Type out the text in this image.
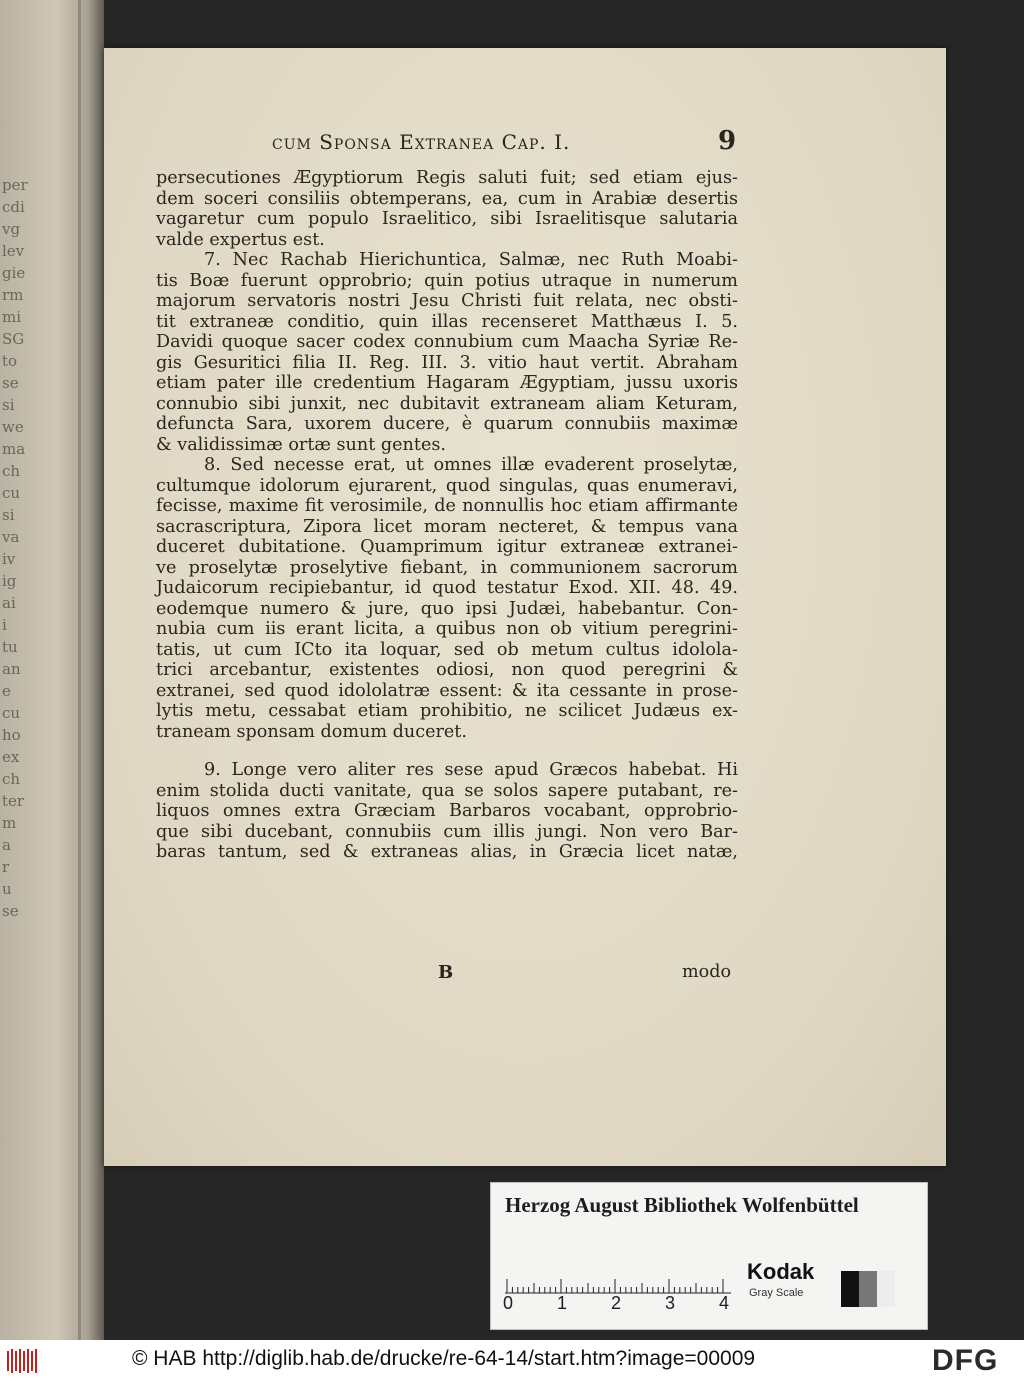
per
cdi
vg
lev
gie
rm
mi
SG
to
se
si
we
ma
ch
cu
si
va
iv
ig
ai
i
tu
an
e
cu
ho
ex
ch
ter
m
a
r
u
se
cum Sponsa Extranea Cap. I.	9
persecutiones Ægyptiorum Regis saluti fuit; sed etiam ejus-
dem soceri consiliis obtemperans, ea, cum in Arabiæ desertis
vagaretur cum populo Israelitico, sibi Israelitisque salutaria
valde expertus est.
7. Nec Rachab Hierichuntica, Salmæ, nec Ruth Moabi-
tis Boæ fuerunt opprobrio; quin potius utraque in numerum
majorum servatoris nostri Jesu Christi fuit relata, nec obsti-
tit extraneæ conditio, quin illas recenseret Matthæus I. 5.
Davidi quoque sacer codex connubium cum Maacha Syriæ Re-
gis Gesuritici filia II. Reg. III. 3. vitio haut vertit. Abraham
etiam pater ille credentium Hagaram Ægyptiam, jussu uxoris
connubio sibi junxit, nec dubitavit extraneam aliam Keturam,
defuncta Sara, uxorem ducere, è quarum connubiis maximæ
& validissimæ ortæ sunt gentes.
8. Sed necesse erat, ut omnes illæ evaderent proselytæ,
cultumque idolorum ejurarent, quod singulas, quas enumeravi,
fecisse, maxime fit verosimile, de nonnullis hoc etiam affirmante
sacrascriptura, Zipora licet moram necteret, & tempus vana
duceret dubitatione. Quamprimum igitur extraneæ extranei-
ve proselytæ proselytive fiebant, in communionem sacrorum
Judaicorum recipiebantur, id quod testatur Exod. XII. 48. 49.
eodemque numero & jure, quo ipsi Judæi, habebantur. Con-
nubia cum iis erant licita, a quibus non ob vitium peregrini-
tatis, ut cum ICto ita loquar, sed ob metum cultus idolola-
trici arcebantur, existentes odiosi, non quod peregrini &
extranei, sed quod idololatræ essent: & ita cessante in prose-
lytis metu, cessabat etiam prohibitio, ne scilicet Judæus ex-
traneam sponsam domum duceret.
9. Longe vero aliter res sese apud Græcos habebat. Hi
enim stolida ducti vanitate, qua se solos sapere putabant, re-
liquos omnes extra Græciam Barbaros vocabant, opprobrio-
que sibi ducebant, connubiis cum illis jungi. Non vero Bar-
baras tantum, sed & extraneas alias, in Græcia licet natæ,
B	modo
Herzog August Bibliothek Wolfenbüttel
0 1 2 3 4
Kodak
Gray Scale
© HAB http://diglib.hab.de/drucke/re-64-14/start.htm?image=00009	DFG
